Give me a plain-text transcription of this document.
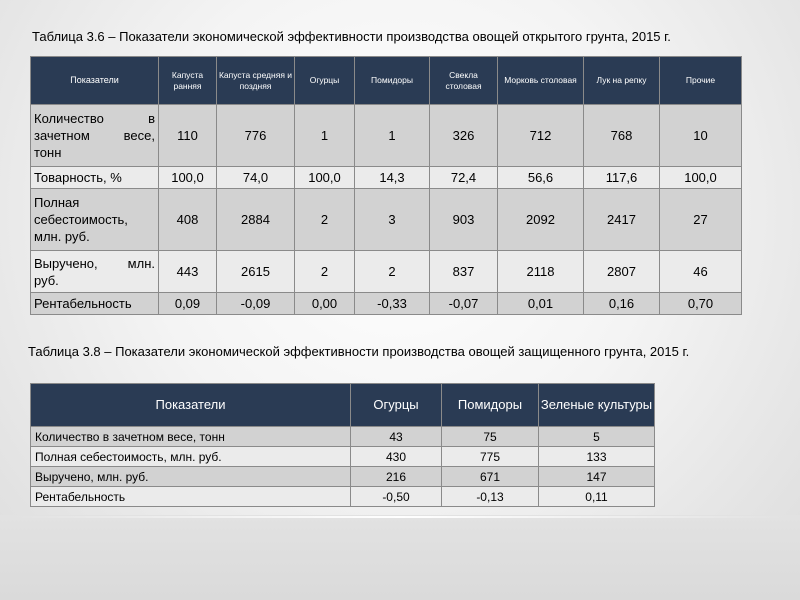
Таблица 3.6 – Показатели экономической эффективности производства овощей открытого грунта, 2015 г.
Показатели	Капуста ранняя	Капуста средняя и поздняя	Огурцы	Помидоры	Свекла столовая	Морковь столовая	Лук на репку	Прочие
Количество в зачетном весе, тонн	110	776	1	1	326	712	768	10
Товарность, %	100,0	74,0	100,0	14,3	72,4	56,6	117,6	100,0
Полная себестоимость, млн. руб.	408	2884	2	3	903	2092	2417	27
Выручено, млн. руб.	443	2615	2	2	837	2118	2807	46
Рентабельность	0,09	-0,09	0,00	-0,33	-0,07	0,01	0,16	0,70
Таблица 3.8 – Показатели экономической эффективности производства овощей защищенного грунта, 2015 г.
Показатели	Огурцы	Помидоры	Зеленые культуры
Количество в зачетном весе, тонн	43	75	5
Полная себестоимость, млн. руб.	430	775	133
Выручено, млн. руб.	216	671	147
Рентабельность	-0,50	-0,13	0,11
